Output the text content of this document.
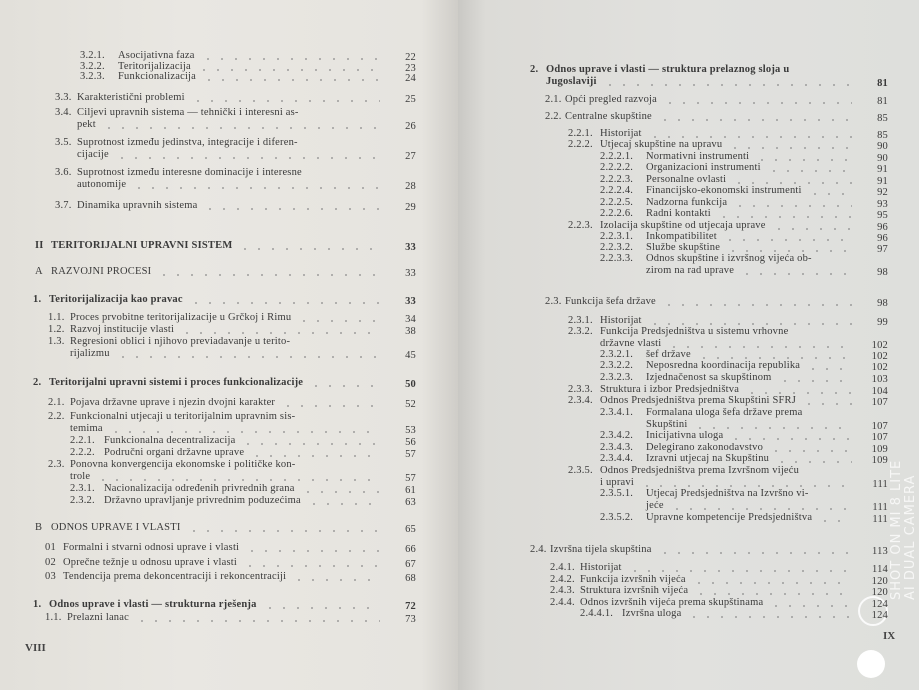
VIII
IX
SHOT ON MI 8 LITE AI DUAL CAMERA
3.2.1.	Asocijativna faza	22
3.2.2.	Teritorijalizacija	23
3.2.3.	Funkcionalizacija	24
3.3. Karakteristični problemi	25
3.4. Ciljevi upravnih sistema — tehnički i interesni as-
pekt	26
3.5. Suprotnost između jedinstva, integracije i diferen-
cijacije	27
3.6. Suprotnost između interesne dominacije i interesne
autonomije	28
3.7. Dinamika upravnih sistema	29
II TERITORIJALNI UPRAVNI SISTEM	33
A RAZVOJNI PROCESI	33
1. Teritorijalizacija kao pravac	33
1.1. Proces prvobitne teritorijalizacije u Grčkoj i Rimu	34
1.2. Razvoj institucije vlasti	38
1.3. Regresioni oblici i njihovo previadavanje u terito-
rijalizmu	45
2. Teritorijalni upravni sistemi i proces funkcionalizacije	50
2.1. Pojava državne uprave i njezin dvojni karakter	52
2.2. Funkcionalni utjecaji u teritorijalnim upravnim sis-
temima	53
2.2.1. Funkcionalna decentralizacija	56
2.2.2. Područni organi državne uprave	57
2.3. Ponovna konvergencija ekonomske i političke kon-
trole	57
2.3.1. Nacionalizacija određenih privrednih grana	61
2.3.2. Državno upravljanje privrednim poduzećima	63
B ODNOS UPRAVE I VLASTI	65
01 Formalni i stvarni odnosi uprave i vlasti	66
02 Oprečne težnje u odnosu uprave i vlasti	67
03 Tendencija prema dekoncentraciji i rekoncentraciji	68
1. Odnos uprave i vlasti — strukturna rješenja	72
1.1. Prelazni lanac	73
2. Odnos uprave i vlasti — struktura prelaznog sloja u
Jugoslaviji	81
2.1. Opći pregled razvoja	81
2.2. Centralne skupštine	85
2.2.1. Historijat	85
2.2.2. Utjecaj skupštine na upravu	90
2.2.2.1.	Normativni instrumenti	90
2.2.2.2.	Organizacioni instrumenti	91
2.2.2.3.	Personalne ovlasti	91
2.2.2.4.	Financijsko-ekonomski instrumenti	92
2.2.2.5.	Nadzorna funkcija	93
2.2.2.6.	Radni kontakti	95
2.2.3. Izolacija skupštine od utjecaja uprave	96
2.2.3.1.	Inkompatibilitet	96
2.2.3.2.	Službe skupštine	97
2.2.3.3.	Odnos skupštine i izvršnog vijeća ob-
zirom na rad uprave	98
2.3. Funkcija šefa države	98
2.3.1. Historijat	99
2.3.2. Funkcija Predsjedništva u sistemu vrhovne
državne vlasti	102
2.3.2.1.	šef države	102
2.3.2.2.	Neposredna koordinacija republika	102
2.3.2.3.	Izjednačenost sa skupštinom	103
2.3.3. Struktura i izbor Predsjedništva	104
2.3.4. Odnos Predsjedništva prema Skupštini SFRJ	107
2.3.4.1.	Formalana uloga šefa države prema
Skupštini	107
2.3.4.2.	Inicijativna uloga	107
2.3.4.3.	Delegirano zakonodavstvo	109
2.3.4.4.	Izravni utjecaj na Skupštinu	109
2.3.5. Odnos Predsjedništva prema Izvršnom vijeću
i upravi	111
2.3.5.1.	Utjecaj Predsjedništva na Izvršno vi-
jeće	111
2.3.5.2.	Upravne kompetencije Predsjedništva	111
2.4. Izvršna tijela skupština	113
2.4.1. Historijat	114
2.4.2. Funkcija izvršnih vijeća	120
2.4.3. Struktura izvršnih vijeća	120
2.4.4. Odnos izvršnih vijeća prema skupštinama	124
2.4.4.1. Izvršna uloga	124
